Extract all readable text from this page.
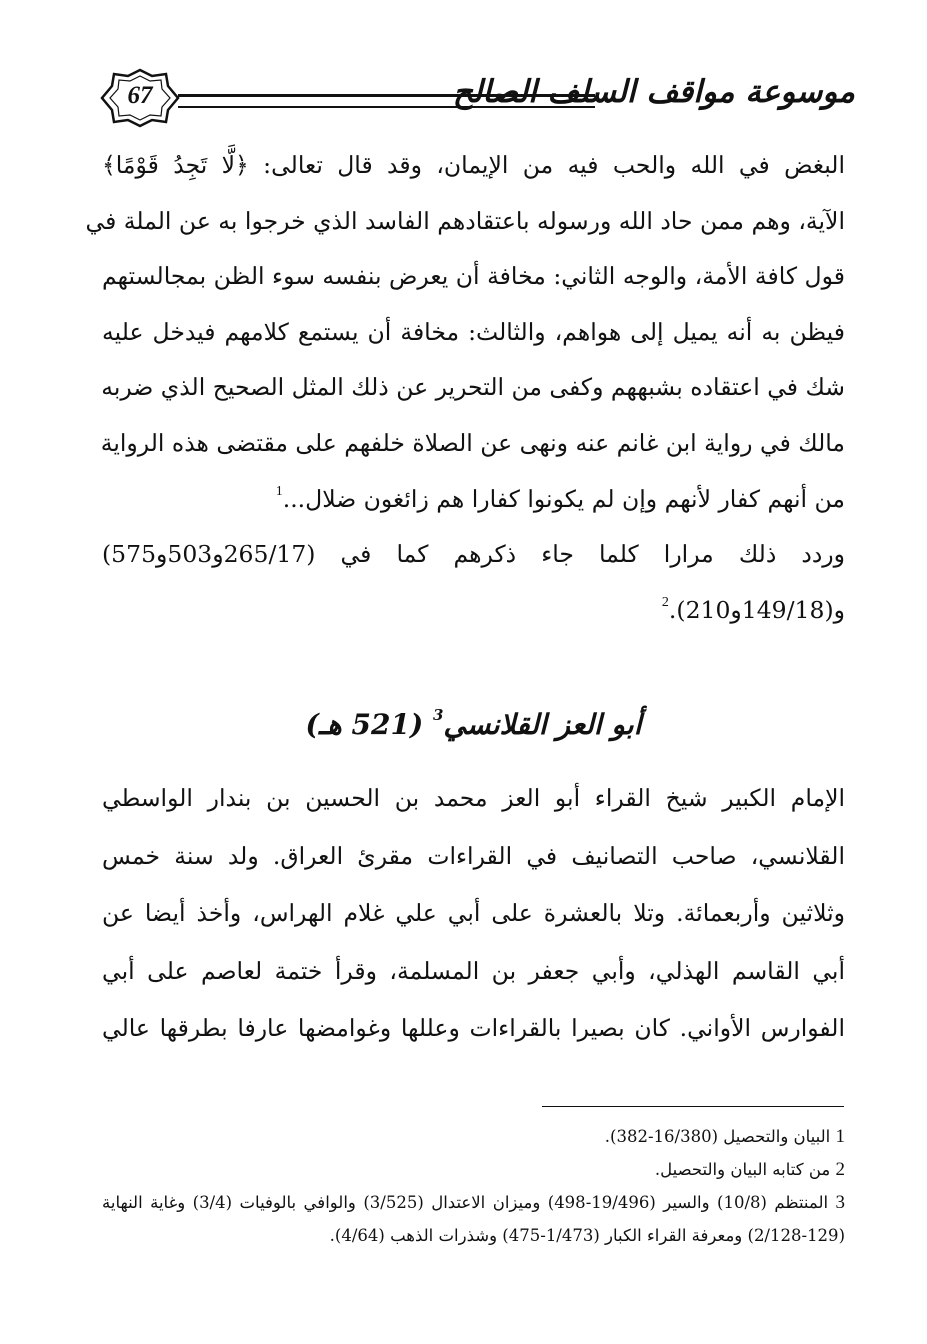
67	موسوعة مواقف السلف الصالح
البغض في الله والحب فيه من الإيمان، وقد قال تعالى: ﴿لَّا تَجِدُ قَوْمًا﴾
الآية، وهم ممن حاد الله ورسوله باعتقادهم الفاسد الذي خرجوا به عن الملة في
قول كافة الأمة، والوجه الثاني: مخافة أن يعرض بنفسه سوء الظن بمجالستهم
فيظن به أنه يميل إلى هواهم، والثالث: مخافة أن يستمع كلامهم فيدخل عليه
شك في اعتقاده بشبههم وكفى من التحرير عن ذلك المثل الصحيح الذي ضربه
مالك في رواية ابن غانم عنه ونهى عن الصلاة خلفهم على مقتضى هذه الرواية
من أنهم كفار لأنهم وإن لم يكونوا كفارا هم زائغون ضلال...$^1$
وردد ذلك مرارا كلما جاء ذكرهم كما في (265/17و503و575)
و(149/18و210).$^2$
أبو العز القلانسي$^3$ (521 هـ)
الإمام الكبير شيخ القراء أبو العز محمد بن الحسين بن بندار الواسطي
القلانسي، صاحب التصانيف في القراءات مقرئ العراق. ولد سنة خمس
وثلاثين وأربعمائة. وتلا بالعشرة على أبي علي غلام الهراس، وأخذ أيضا عن
أبي القاسم الهذلي، وأبي جعفر بن المسلمة، وقرأ ختمة لعاصم على أبي
الفوارس الأواني. كان بصيرا بالقراءات وعللها وغوامضها عارفا بطرقها عالي
1 البيان والتحصيل (16/380-382).
2 من كتابه البيان والتحصيل.
3 المنتظم (10/8) والسير (19/496-498) وميزان الاعتدال (3/525) والوافي بالوفيات (3/4) وغاية النهاية
(2/128-129) ومعرفة القراء الكبار (1/473-475) وشذرات الذهب (4/64).
